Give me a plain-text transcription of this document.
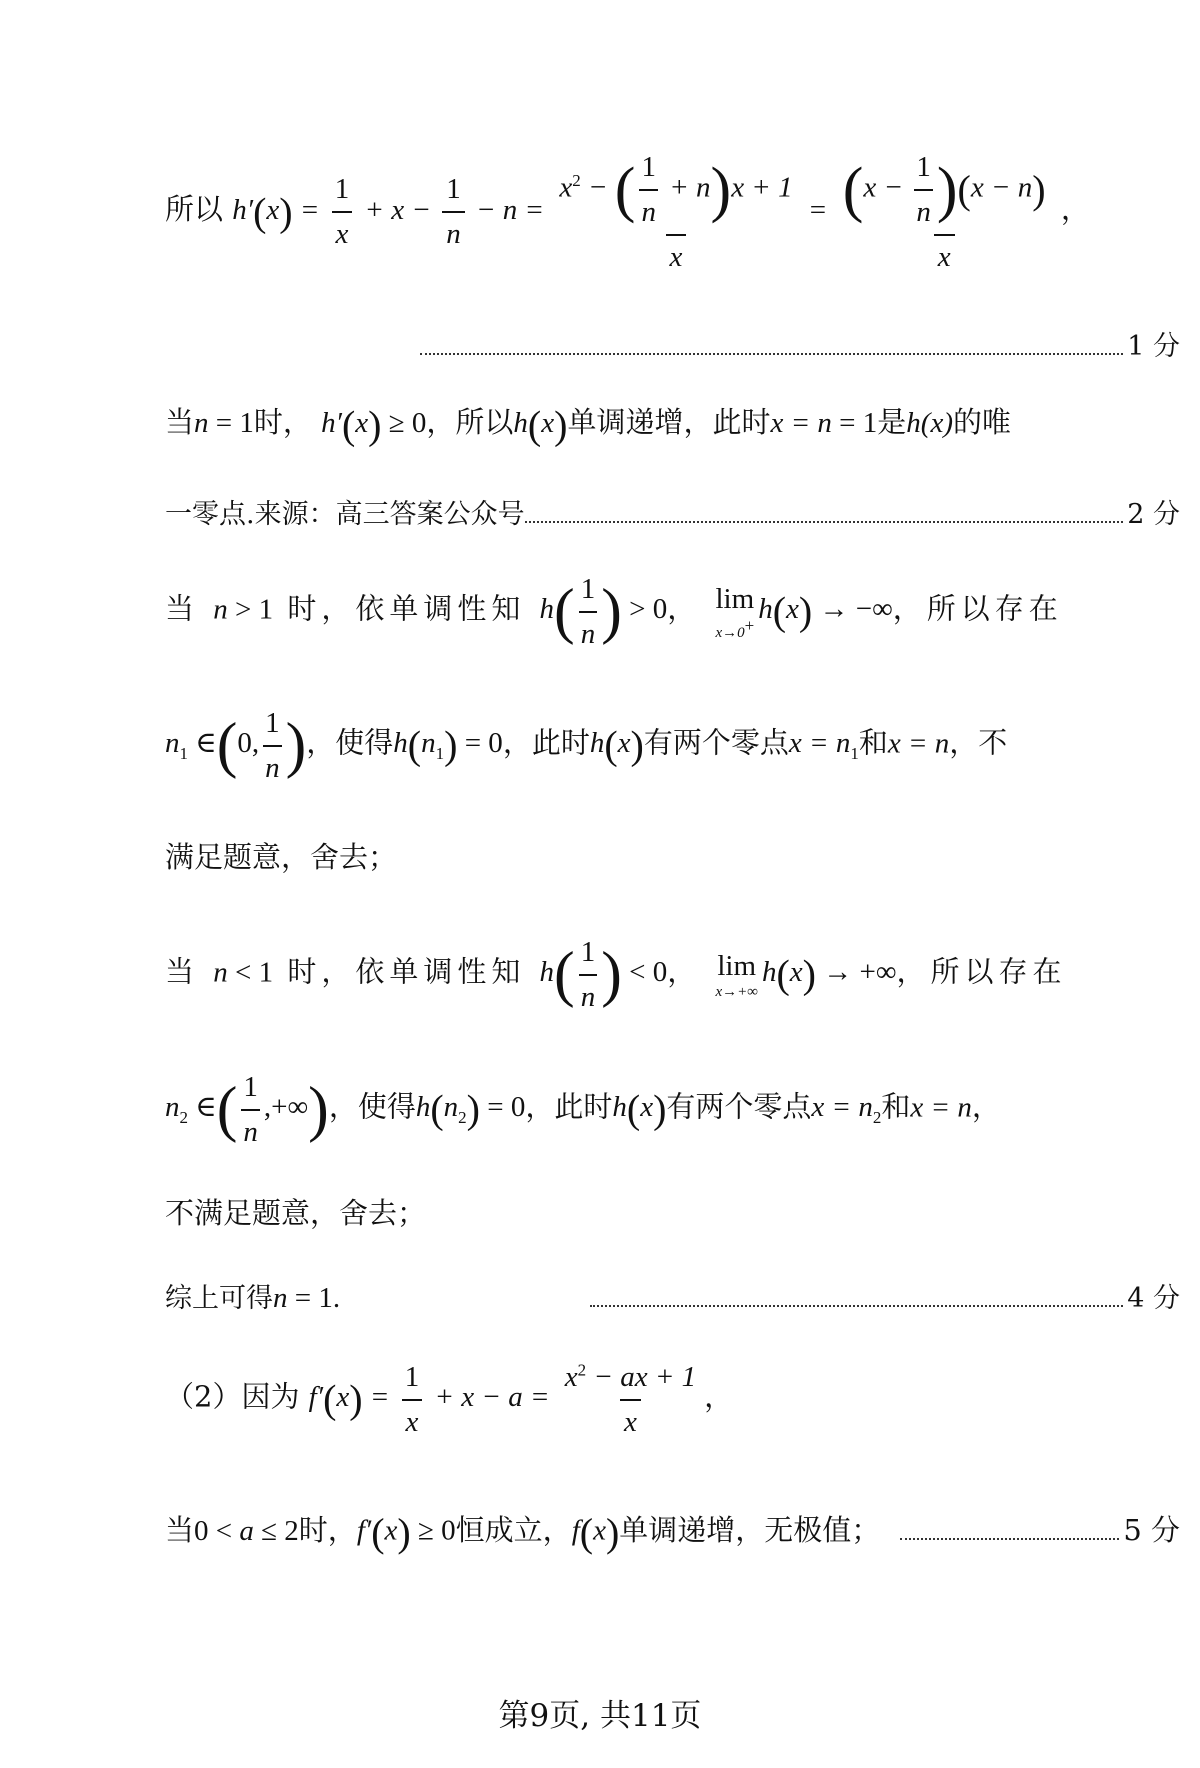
所以 $h'(x) = \frac{1}{x} + x - \frac{1}{n} - n = \frac{x^2 - ( \frac{1}{n} + n)x + 1}{x} = \frac{(x - \frac{1}{n} )(x - n)}{x}$ ，
1 分
当n = 1时， h′(x) ≥ 0，所以h(x)单调递增，此时x = n = 1是h(x)的唯
一零点.来源：高三答案公众号	2 分
当 n > 1 时，依单调性知 $h( \frac{1}{n}$ ) > 0， lim
x→0+ h(x) → −∞，所以存在
$n_1$ ∈(0, $\frac{1}{n}$ )，使得$h(n_1) = 0$，此时h(x)有两个零点$x = n_1$和x = n，不
满足题意，舍去；
当 n < 1 时，依单调性知 $h( \frac{1}{n}$ ) < 0， lim
x→+∞
h(x) → +∞，所以存在
$n_2$ ∈( $\frac{1}{n}$ ,+∞)，使得$h(n_2) = 0$，此时h(x)有两个零点$x = n_2$和x = n，
不满足题意，舍去；
综上可得 n = 1.	4 分
（2）因为 $f'(x) = \frac{1}{x} + x - a = \frac{x^2 - ax + 1}{x}$ ，
当 0 < a ≤ 2 时， f′(x) ≥ 0 恒成立， f(x) 单调递增，无极值；	5 分
第9页, 共11页
